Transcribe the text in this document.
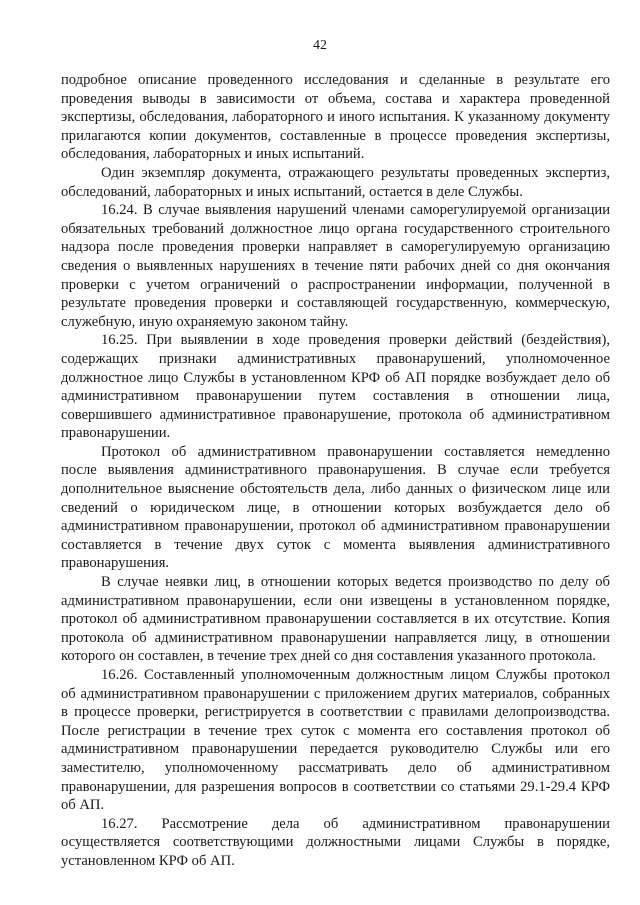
42

подробное описание проведенного исследования и сделанные в результате его проведения выводы в зависимости от объема, состава и характера проведенной экспертизы, обследования, лабораторного и иного испытания. К указанному документу прилагаются копии документов, составленные в процессе проведения экспертизы, обследования, лабораторных и иных испытаний.

Один экземпляр документа, отражающего результаты проведенных экспертиз, обследований, лабораторных и иных испытаний, остается в деле Службы.

16.24. В случае выявления нарушений членами саморегулируемой организации обязательных требований должностное лицо органа государственного строительного надзора после проведения проверки направляет в саморегулируемую организацию сведения о выявленных нарушениях в течение пяти рабочих дней со дня окончания проверки с учетом ограничений о распространении информации, полученной в результате проведения проверки и составляющей государственную, коммерческую, служебную, иную охраняемую законом тайну.

16.25. При выявлении в ходе проведения проверки действий (бездействия), содержащих признаки административных правонарушений, уполномоченное должностное лицо Службы в установленном КРФ об АП порядке возбуждает дело об административном правонарушении путем составления в отношении лица, совершившего административное правонарушение, протокола об административном правонарушении.

Протокол об административном правонарушении составляется немедленно после выявления административного правонарушения. В случае если требуется дополнительное выяснение обстоятельств дела, либо данных о физическом лице или сведений о юридическом лице, в отношении которых возбуждается дело об административном правонарушении, протокол об административном правонарушении составляется в течение двух суток с момента выявления административного правонарушения.

В случае неявки лиц, в отношении которых ведется производство по делу об административном правонарушении, если они извещены в установленном порядке, протокол об административном правонарушении составляется в их отсутствие. Копия протокола об административном правонарушении направляется лицу, в отношении которого он составлен, в течение трех дней со дня составления указанного протокола.

16.26. Составленный уполномоченным должностным лицом Службы протокол об административном правонарушении с приложением других материалов, собранных в процессе проверки, регистрируется в соответствии с правилами делопроизводства. После регистрации в течение трех суток с момента его составления протокол об административном правонарушении передается руководителю Службы или его заместителю, уполномоченному рассматривать дело об административном правонарушении, для разрешения вопросов в соответствии со статьями 29.1-29.4 КРФ об АП.

16.27. Рассмотрение дела об административном правонарушении осуществляется соответствующими должностными лицами Службы в порядке, установленном КРФ об АП.
